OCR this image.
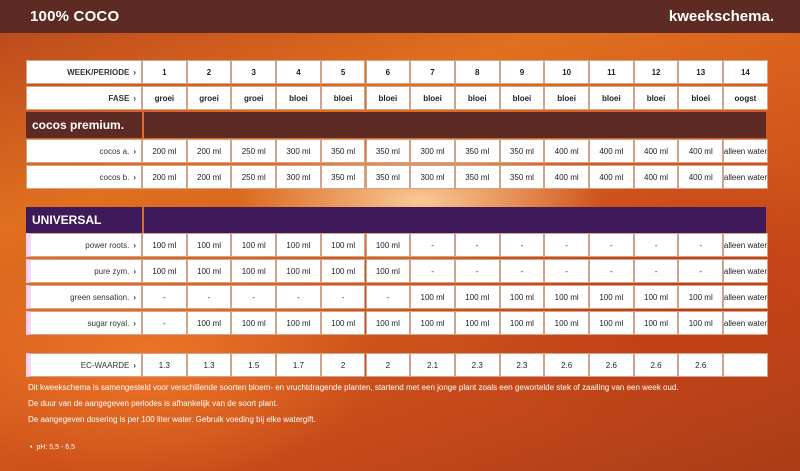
100% COCO	kweekschema.
WEEK/PERIODE ›	1	2	3	4	5	6	7	8	9	10	11	12	13	14
FASE ›	groei	groei	groei	bloei	bloei	bloei	bloei	bloei	bloei	bloei	bloei	bloei	bloei	oogst
cocos premium.
cocos a. ›	200 ml	200 ml	250 ml	300 ml	350 ml	350 ml	300 ml	350 ml	350 ml	400 ml	400 ml	400 ml	400 ml	alleen water
cocos b. ›	200 ml	200 ml	250 ml	300 ml	350 ml	350 ml	300 ml	350 ml	350 ml	400 ml	400 ml	400 ml	400 ml	alleen water
UNIVERSAL
power roots. ›	100 ml	100 ml	100 ml	100 ml	100 ml	100 ml	-	-	-	-	-	-	-	alleen water
pure zym. ›	100 ml	100 ml	100 ml	100 ml	100 ml	100 ml	-	-	-	-	-	-	-	alleen water
green sensation. ›	-	-	-	-	-	-	100 ml	100 ml	100 ml	100 ml	100 ml	100 ml	100 ml	alleen water
sugar royal. ›	-	100 ml	100 ml	100 ml	100 ml	100 ml	100 ml	100 ml	100 ml	100 ml	100 ml	100 ml	100 ml	alleen water
EC-WAARDE ›	1.3	1.3	1.5	1.7	2	2	2.1	2.3	2.3	2.6	2.6	2.6	2.6

Dit kweekschema is samengesteld voor verschillende soorten bloem- en vruchtdragende planten, startend met een jonge plant zoals een gewortelde stek of zaailing van een week oud.

De duur van de aangegeven periodes is afhankelijk van de soort plant.

De aangegeven dosering is per 100 liter water. Gebruik voeding bij elke watergift.

• pH: 5,5 - 6,5
